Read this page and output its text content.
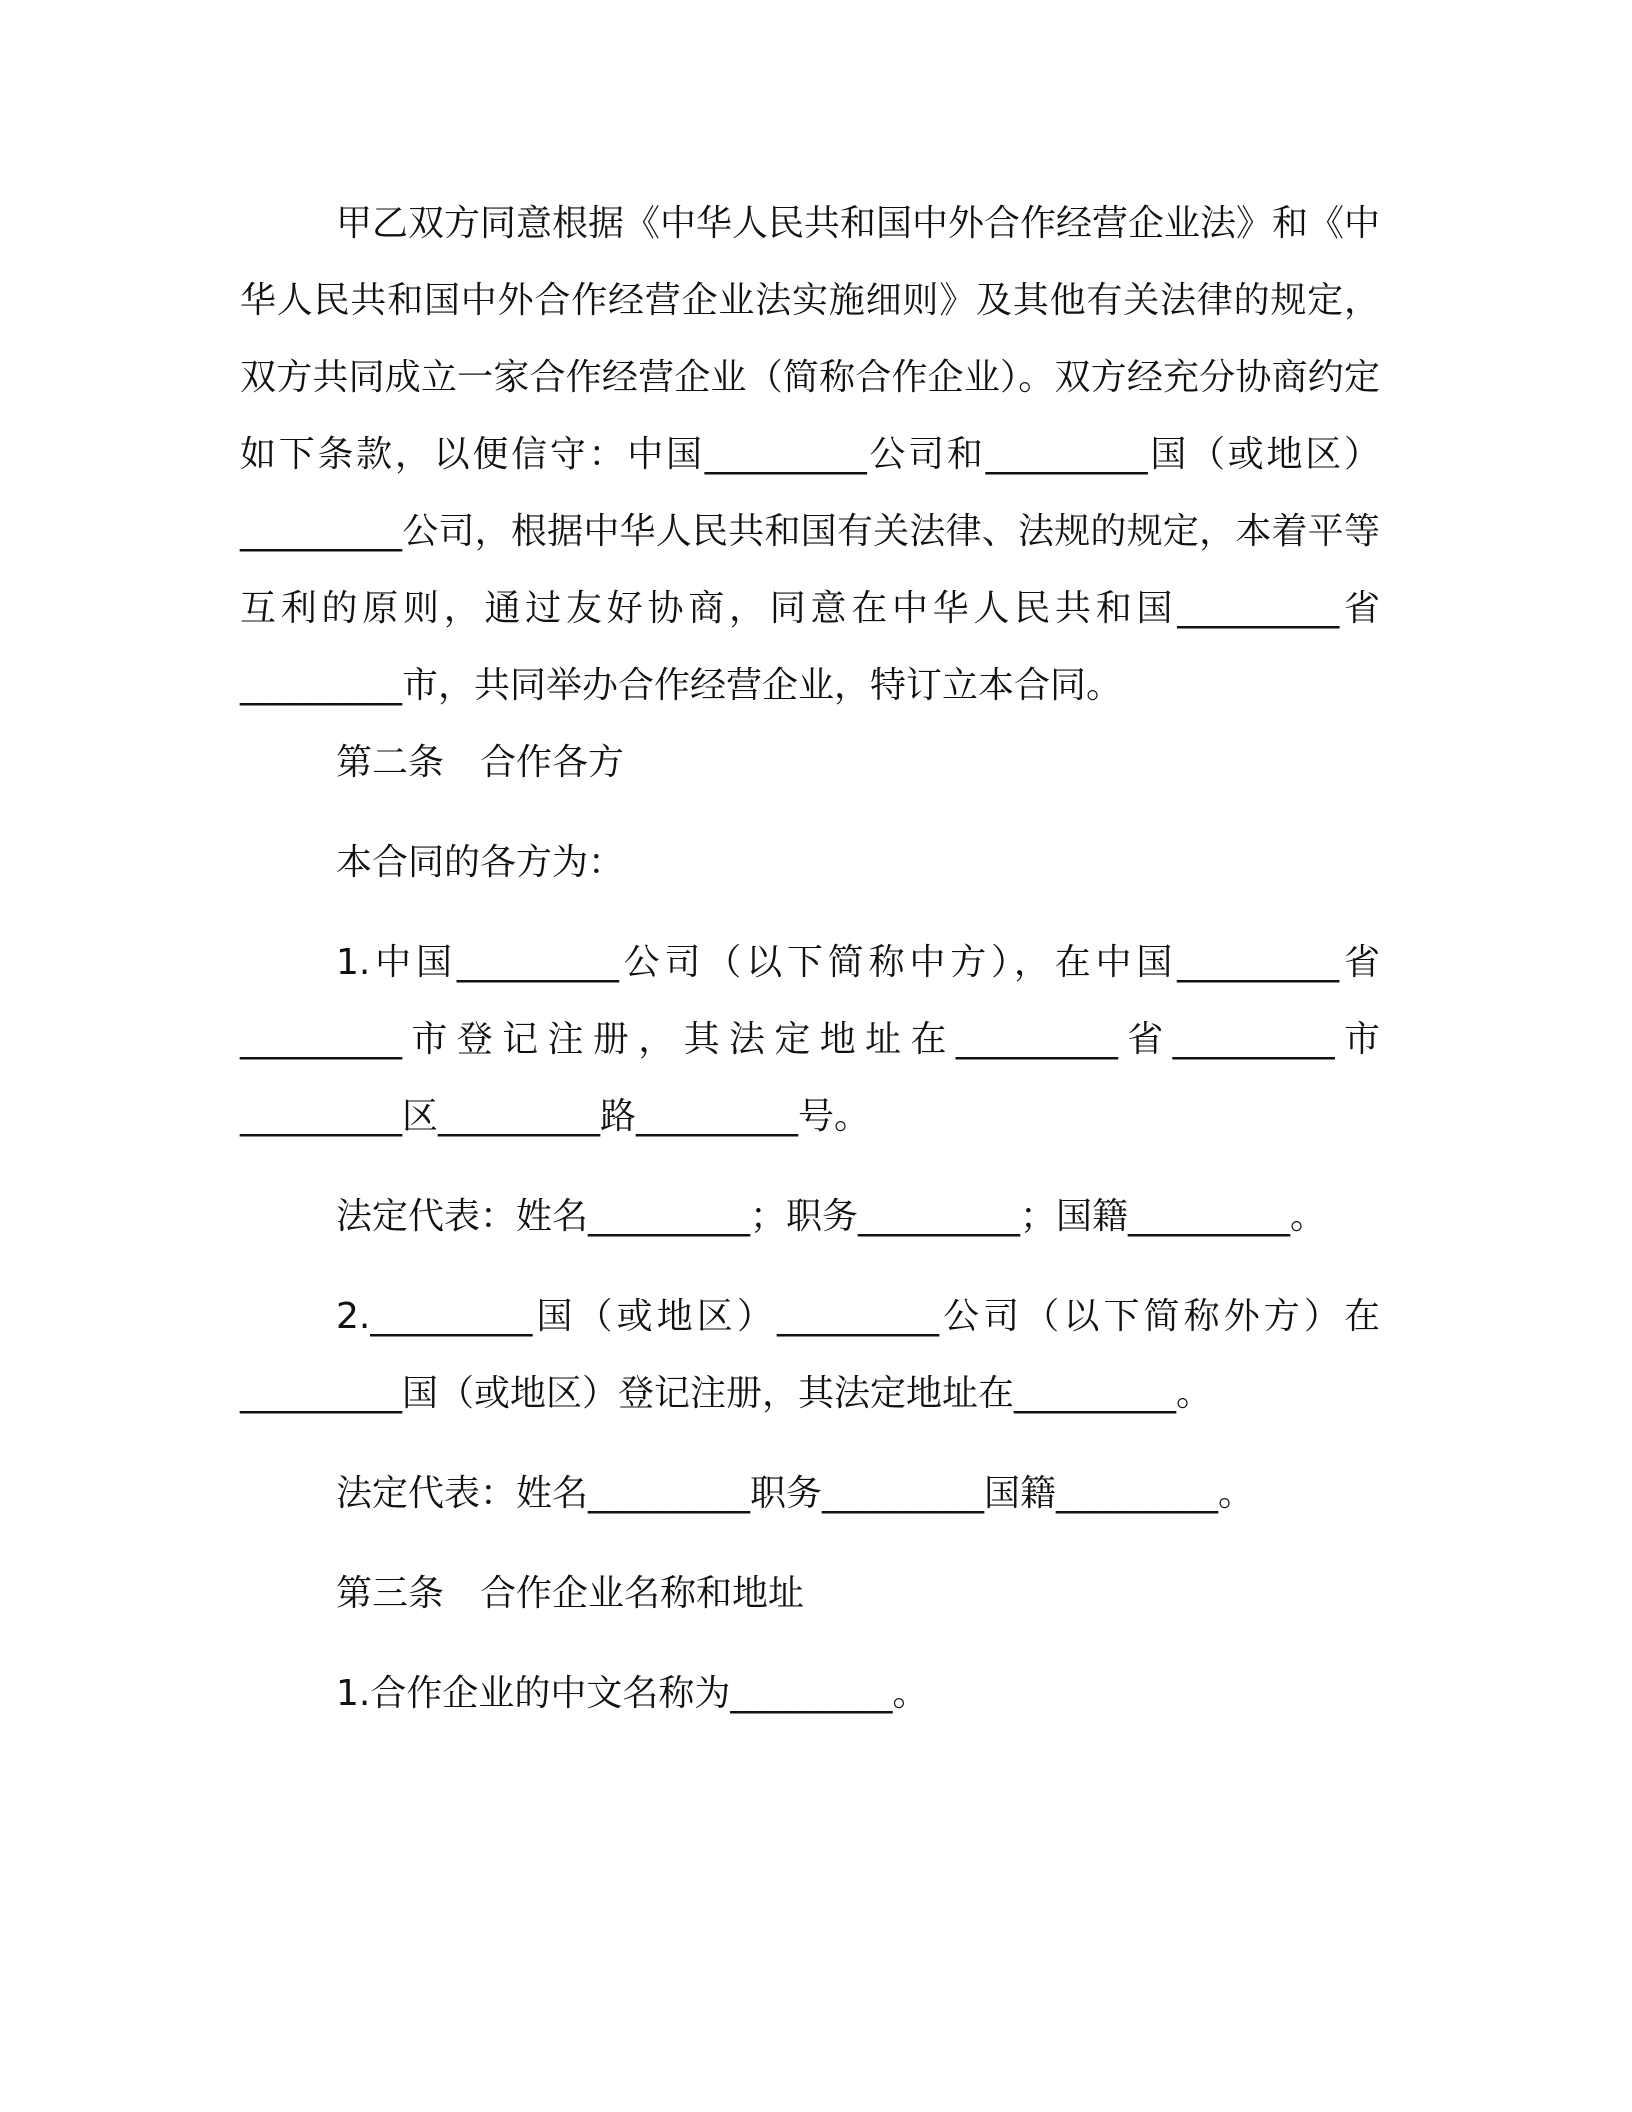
甲乙双方同意根据《中华人民共和国中外合作经营企业法》和《中华人民共和国中外合作经营企业法实施细则》及其他有关法律的规定，双方共同成立一家合作经营企业（简称合作企业）。双方经充分协商约定如下条款，以便信守：中国_________公司和_________国（或地区）_________公司，根据中华人民共和国有关法律、法规的规定，本着平等互利的原则，通过友好协商，同意在中华人民共和国_________省_________市，共同举办合作经营企业，特订立本合同。

第二条　合作各方

本合同的各方为：

1.中国_________公司（以下简称中方），在中国_________省_________市登记注册，其法定地址在_________省_________市_________区_________路_________号。

法定代表：姓名_________；职务_________；国籍_________。

2._________国（或地区）_________公司（以下简称外方）在_________国（或地区）登记注册，其法定地址在_________。

法定代表：姓名_________职务_________国籍_________。

第三条　合作企业名称和地址

1.合作企业的中文名称为_________。
